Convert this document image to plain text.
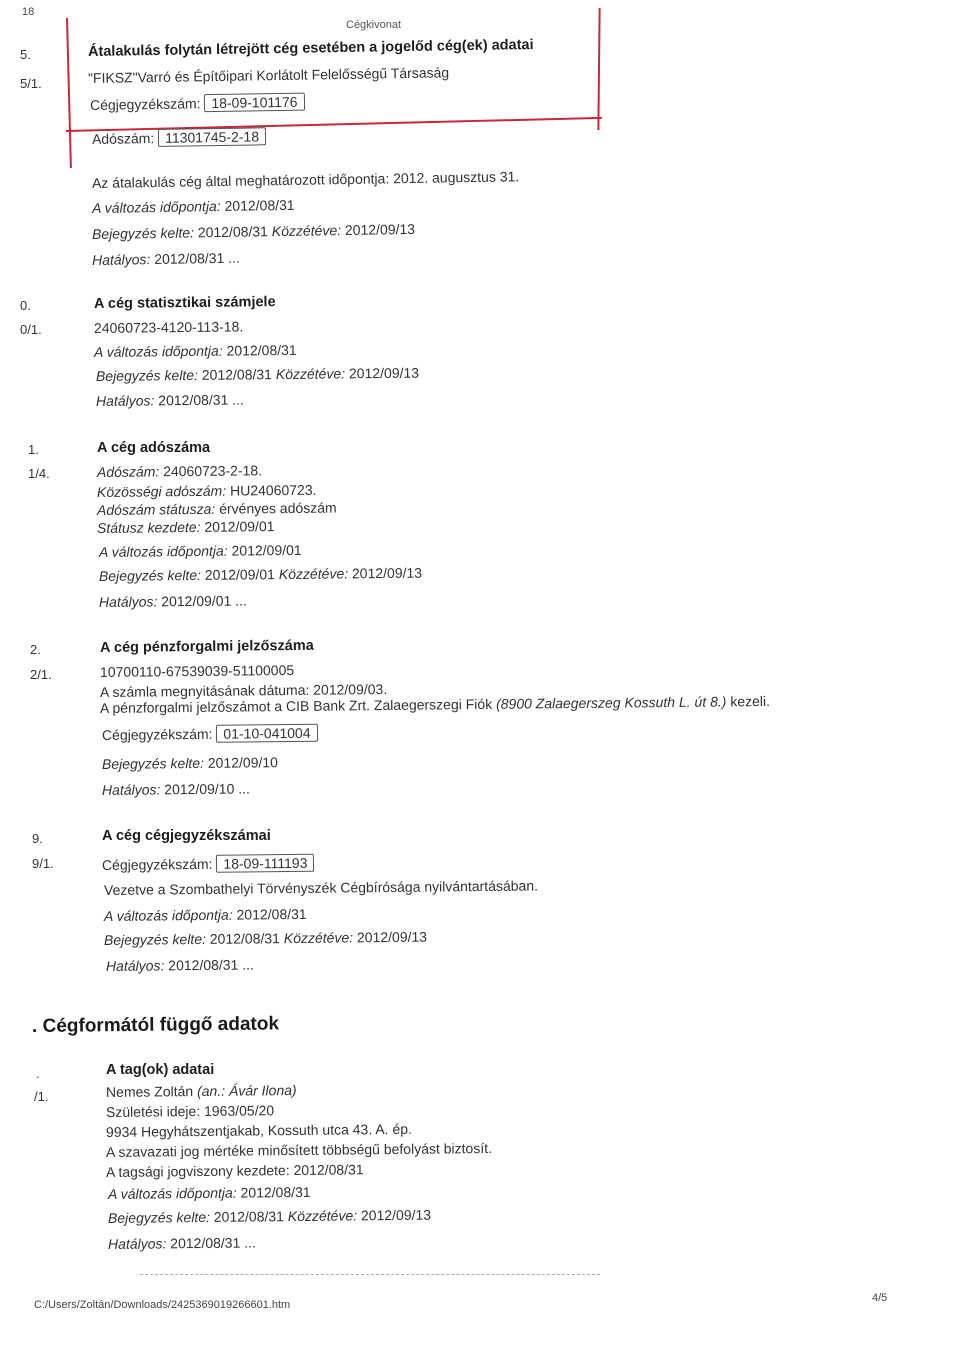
18
Cégkivonat
5.
5/1.
Átalakulás folytán létrejött cég esetében a jogelőd cég(ek) adatai
"FIKSZ"Varró és Építőipari Korlátolt Felelősségű Társaság
Cégjegyzékszám: 18-09-101176
Adószám: 11301745-2-18
Az átalakulás cég által meghatározott időpontja: 2012. augusztus 31.
A változás időpontja: 2012/08/31
Bejegyzés kelte: 2012/08/31 Közzétéve: 2012/09/13
Hatályos: 2012/08/31 ...
0.
0/1.
A cég statisztikai számjele
24060723-4120-113-18.
A változás időpontja: 2012/08/31
Bejegyzés kelte: 2012/08/31 Közzétéve: 2012/09/13
Hatályos: 2012/08/31 ...
1.
1/4.
A cég adószáma
Adószám: 24060723-2-18.
Közösségi adószám: HU24060723.
Adószám státusza: érvényes adószám
Státusz kezdete: 2012/09/01
A változás időpontja: 2012/09/01
Bejegyzés kelte: 2012/09/01 Közzétéve: 2012/09/13
Hatályos: 2012/09/01 ...
2.
2/1.
A cég pénzforgalmi jelzőszáma
10700110-67539039-51100005
A számla megnyitásának dátuma: 2012/09/03.
A pénzforgalmi jelzőszámot a CIB Bank Zrt. Zalaegerszegi Fiók (8900 Zalaegerszeg Kossuth L. út 8.) kezeli.
Cégjegyzékszám: 01-10-041004
Bejegyzés kelte: 2012/09/10
Hatályos: 2012/09/10 ...
9.
9/1.
A cég cégjegyzékszámai
Cégjegyzékszám: 18-09-111193
Vezetve a Szombathelyi Törvényszék Cégbírósága nyilvántartásában.
A változás időpontja: 2012/08/31
Bejegyzés kelte: 2012/08/31 Közzétéve: 2012/09/13
Hatályos: 2012/08/31 ...
. Cégformától függő adatok
.
/1.
A tag(ok) adatai
Nemes Zoltán (an.: Ávár Ilona)
Születési ideje: 1963/05/20
9934 Hegyhátszentjakab, Kossuth utca 43. A. ép.
A szavazati jog mértéke minősített többségű befolyást biztosít.
A tagsági jogviszony kezdete: 2012/08/31
A változás időpontja: 2012/08/31
Bejegyzés kelte: 2012/08/31 Közzétéve: 2012/09/13
Hatályos: 2012/08/31 ...
C:/Users/Zoltán/Downloads/2425369019266601.htm
4/5
